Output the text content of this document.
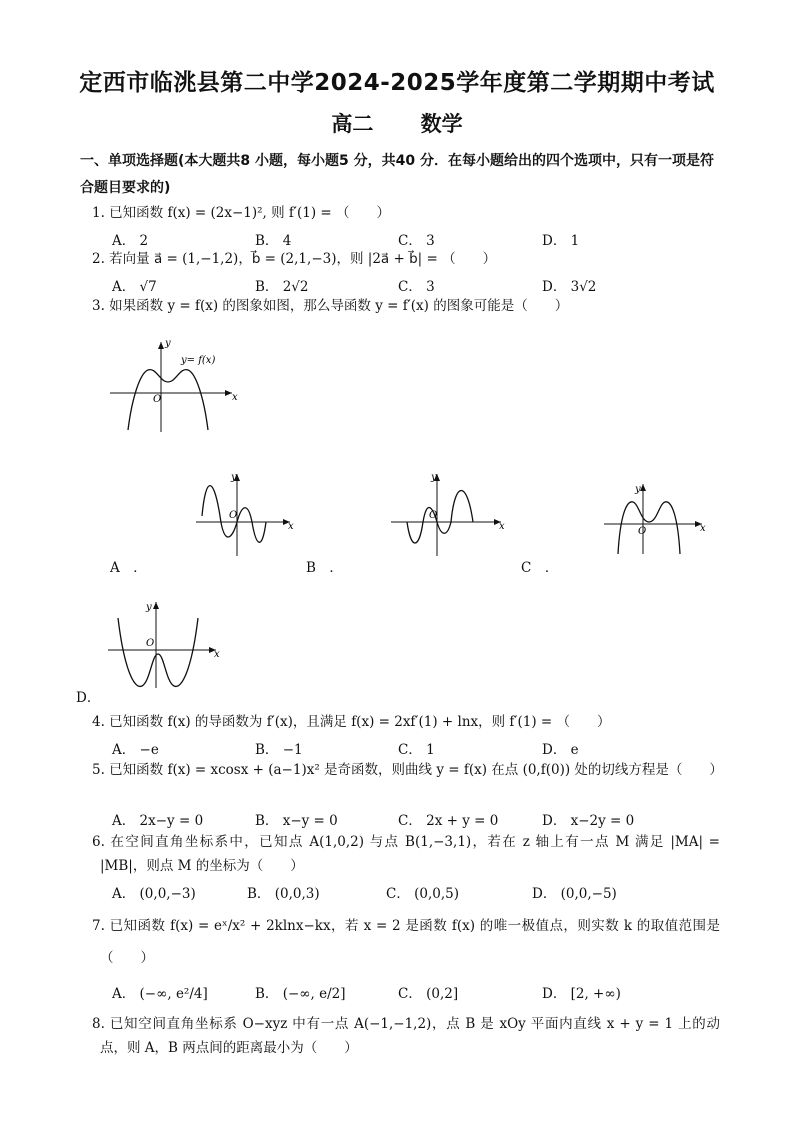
定西市临洮县第二中学2024-2025学年度第二学期期中考试
高二 数学
一、单项选择题(本大题共8 小题，每小题5 分，共40 分．在每小题给出的四个选项中，只有一项是符合题目要求的)
1. 已知函数 f(x) = (2x−1)², 则 f′(1) = （　　）
A． 2	B． 4	C． 3	D． 1
2. 若向量 a⃗ = (1,−1,2)，b⃗ = (2,1,−3)，则 |2a⃗ + b⃗| = （　　）
A． √7	B． 2√2	C． 3	D． 3√2
3. 如果函数 y = f(x) 的图象如图，那么导函数 y = f′(x) 的图象可能是（　　）
y
x
O
y= f(x)
y
x
O
y
x
O
y
x
O
A　．	B　．	C　．
y
x
O
D．
4. 已知函数 f(x) 的导函数为 f′(x)，且满足 f(x) = 2xf′(1) + lnx，则 f′(1) = （　　）
A． −e	B． −1	C． 1	D． e
5. 已知函数 f(x) = xcosx + (a−1)x² 是奇函数，则曲线 y = f(x) 在点 (0,f(0)) 处的切线方程是（　　）
A． 2x−y = 0	B． x−y = 0	C． 2x + y = 0	D． x−2y = 0
6. 在空间直角坐标系中，已知点 A(1,0,2) 与点 B(1,−3,1)，若在 z 轴上有一点 M 满足 |MA| = |MB|，则点 M 的坐标为（　　）
A． (0,0,−3)	B． (0,0,3)	C． (0,0,5)	D． (0,0,−5)
7. 已知函数 f(x) = eˣ/x² + 2klnx−kx，若 x = 2 是函数 f(x) 的唯一极值点，则实数 k 的取值范围是（　　）
A． (−∞, e²/4]	B． (−∞, e/2]	C． (0,2]	D． [2, +∞)
8. 已知空间直角坐标系 O−xyz 中有一点 A(−1,−1,2)，点 B 是 xOy 平面内直线 x + y = 1 上的动点，则 A，B 两点间的距离最小为（　　）
